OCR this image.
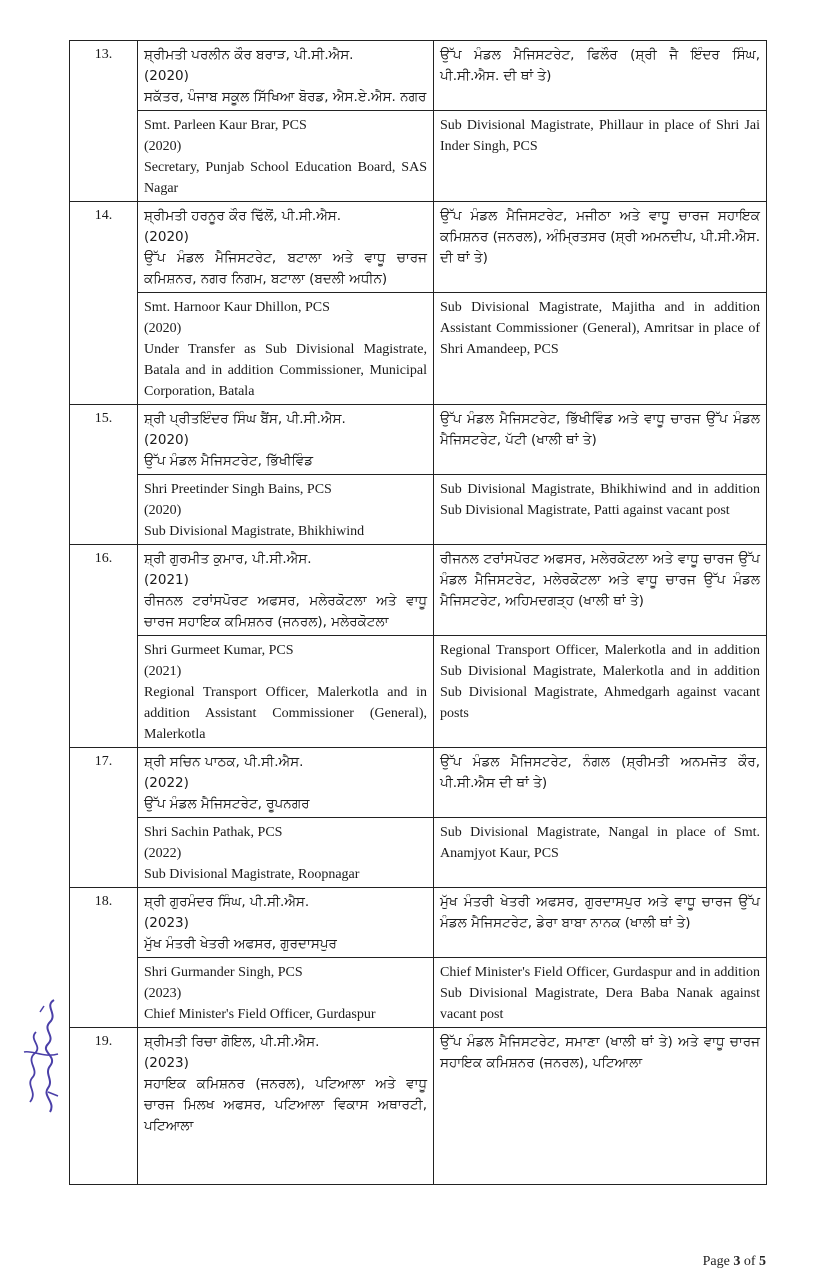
13.	ਸ਼੍ਰੀਮਤੀ ਪਰਲੀਨ ਕੌਰ ਬਰਾੜ, ਪੀ.ਸੀ.ਐਸ.
(2020)
ਸਕੱਤਰ, ਪੰਜਾਬ ਸਕੂਲ ਸਿੱਖਿਆ ਬੋਰਡ, ਐਸ.ਏ.ਐਸ. ਨਗਰ	ਉੱਪ ਮੰਡਲ ਮੈਜਿਸਟਰੇਟ, ਫਿਲੌਰ (ਸ਼੍ਰੀ ਜੈ ਇੰਦਰ ਸਿੰਘ, ਪੀ.ਸੀ.ਐਸ. ਦੀ ਥਾਂ ਤੇ)

	Smt. Parleen Kaur Brar, PCS
(2020)
Secretary, Punjab School Education Board, SAS Nagar	Sub Divisional Magistrate, Phillaur in place of Shri Jai Inder Singh, PCS

14.	ਸ਼੍ਰੀਮਤੀ ਹਰਨੂਰ ਕੌਰ ਢਿੱਲੋਂ, ਪੀ.ਸੀ.ਐਸ.
(2020)
ਉੱਪ ਮੰਡਲ ਮੈਜਿਸਟਰੇਟ, ਬਟਾਲਾ ਅਤੇ ਵਾਧੂ ਚਾਰਜ ਕਮਿਸ਼ਨਰ, ਨਗਰ ਨਿਗਮ, ਬਟਾਲਾ (ਬਦਲੀ ਅਧੀਨ)	ਉੱਪ ਮੰਡਲ ਮੈਜਿਸਟਰੇਟ, ਮਜੀਠਾ ਅਤੇ ਵਾਧੂ ਚਾਰਜ ਸਹਾਇਕ ਕਮਿਸ਼ਨਰ (ਜਨਰਲ), ਅੰਮ੍ਰਿਤਸਰ (ਸ਼੍ਰੀ ਅਮਨਦੀਪ, ਪੀ.ਸੀ.ਐਸ. ਦੀ ਥਾਂ ਤੇ)

	Smt. Harnoor Kaur Dhillon, PCS
(2020)
Under Transfer as Sub Divisional Magistrate, Batala and in addition Commissioner, Municipal Corporation, Batala	Sub Divisional Magistrate, Majitha and in addition Assistant Commissioner (General), Amritsar in place of Shri Amandeep, PCS

15.	ਸ਼੍ਰੀ ਪ੍ਰੀਤਇੰਦਰ ਸਿੰਘ ਬੈਂਸ, ਪੀ.ਸੀ.ਐਸ.
(2020)
ਉੱਪ ਮੰਡਲ ਮੈਜਿਸਟਰੇਟ, ਭਿੱਖੀਵਿੰਡ	ਉੱਪ ਮੰਡਲ ਮੈਜਿਸਟਰੇਟ, ਭਿੱਖੀਵਿੰਡ ਅਤੇ ਵਾਧੂ ਚਾਰਜ ਉੱਪ ਮੰਡਲ ਮੈਜਿਸਟਰੇਟ, ਪੱਟੀ (ਖਾਲੀ ਥਾਂ ਤੇ)

	Shri Preetinder Singh Bains, PCS
(2020)
Sub Divisional Magistrate, Bhikhiwind	Sub Divisional Magistrate, Bhikhiwind and in addition Sub Divisional Magistrate, Patti against vacant post

16.	ਸ਼੍ਰੀ ਗੁਰਮੀਤ ਕੁਮਾਰ, ਪੀ.ਸੀ.ਐਸ.
(2021)
ਰੀਜਨਲ ਟਰਾਂਸਪੋਰਟ ਅਫਸਰ, ਮਲੇਰਕੋਟਲਾ ਅਤੇ ਵਾਧੂ ਚਾਰਜ ਸਹਾਇਕ ਕਮਿਸ਼ਨਰ (ਜਨਰਲ), ਮਲੇਰਕੋਟਲਾ	ਰੀਜਨਲ ਟਰਾਂਸਪੋਰਟ ਅਫਸਰ, ਮਲੇਰਕੋਟਲਾ ਅਤੇ ਵਾਧੂ ਚਾਰਜ ਉੱਪ ਮੰਡਲ ਮੈਜਿਸਟਰੇਟ, ਮਲੇਰਕੋਟਲਾ ਅਤੇ ਵਾਧੂ ਚਾਰਜ ਉੱਪ ਮੰਡਲ ਮੈਜਿਸਟਰੇਟ, ਅਹਿਮਦਗੜ੍ਹ (ਖਾਲੀ ਥਾਂ ਤੇ)

	Shri Gurmeet Kumar, PCS
(2021)
Regional Transport Officer, Malerkotla and in addition Assistant Commissioner (General), Malerkotla	Regional Transport Officer, Malerkotla and in addition Sub Divisional Magistrate, Malerkotla and in addition Sub Divisional Magistrate, Ahmedgarh against vacant posts

17.	ਸ਼੍ਰੀ ਸਚਿਨ ਪਾਠਕ, ਪੀ.ਸੀ.ਐਸ.
(2022)
ਉੱਪ ਮੰਡਲ ਮੈਜਿਸਟਰੇਟ, ਰੂਪਨਗਰ	ਉੱਪ ਮੰਡਲ ਮੈਜਿਸਟਰੇਟ, ਨੰਗਲ (ਸ਼੍ਰੀਮਤੀ ਅਨਮਜੋਤ ਕੌਰ, ਪੀ.ਸੀ.ਐਸ ਦੀ ਥਾਂ ਤੇ)

	Shri Sachin Pathak, PCS
(2022)
Sub Divisional Magistrate, Roopnagar	Sub Divisional Magistrate, Nangal in place of Smt. Anamjyot Kaur, PCS

18.	ਸ਼੍ਰੀ ਗੁਰਮੰਦਰ ਸਿੰਘ, ਪੀ.ਸੀ.ਐਸ.
(2023)
ਮੁੱਖ ਮੰਤਰੀ ਖੇਤਰੀ ਅਫਸਰ, ਗੁਰਦਾਸਪੁਰ	ਮੁੱਖ ਮੰਤਰੀ ਖੇਤਰੀ ਅਫਸਰ, ਗੁਰਦਾਸਪੁਰ ਅਤੇ ਵਾਧੂ ਚਾਰਜ ਉੱਪ ਮੰਡਲ ਮੈਜਿਸਟਰੇਟ, ਡੇਰਾ ਬਾਬਾ ਨਾਨਕ (ਖਾਲੀ ਥਾਂ ਤੇ)

	Shri Gurmander Singh, PCS
(2023)
Chief Minister's Field Officer, Gurdaspur	Chief Minister's Field Officer, Gurdaspur and in addition Sub Divisional Magistrate, Dera Baba Nanak against vacant post

19.	ਸ਼੍ਰੀਮਤੀ ਰਿਚਾ ਗੋਇਲ, ਪੀ.ਸੀ.ਐਸ.
(2023)
ਸਹਾਇਕ ਕਮਿਸ਼ਨਰ (ਜਨਰਲ), ਪਟਿਆਲਾ ਅਤੇ ਵਾਧੂ ਚਾਰਜ ਮਿਲਖ ਅਫਸਰ, ਪਟਿਆਲਾ ਵਿਕਾਸ ਅਥਾਰਟੀ, ਪਟਿਆਲਾ	ਉੱਪ ਮੰਡਲ ਮੈਜਿਸਟਰੇਟ, ਸਮਾਣਾ (ਖਾਲੀ ਥਾਂ ਤੇ) ਅਤੇ ਵਾਧੂ ਚਾਰਜ ਸਹਾਇਕ ਕਮਿਸ਼ਨਰ (ਜਨਰਲ), ਪਟਿਆਲਾ
Page 3 of 5
